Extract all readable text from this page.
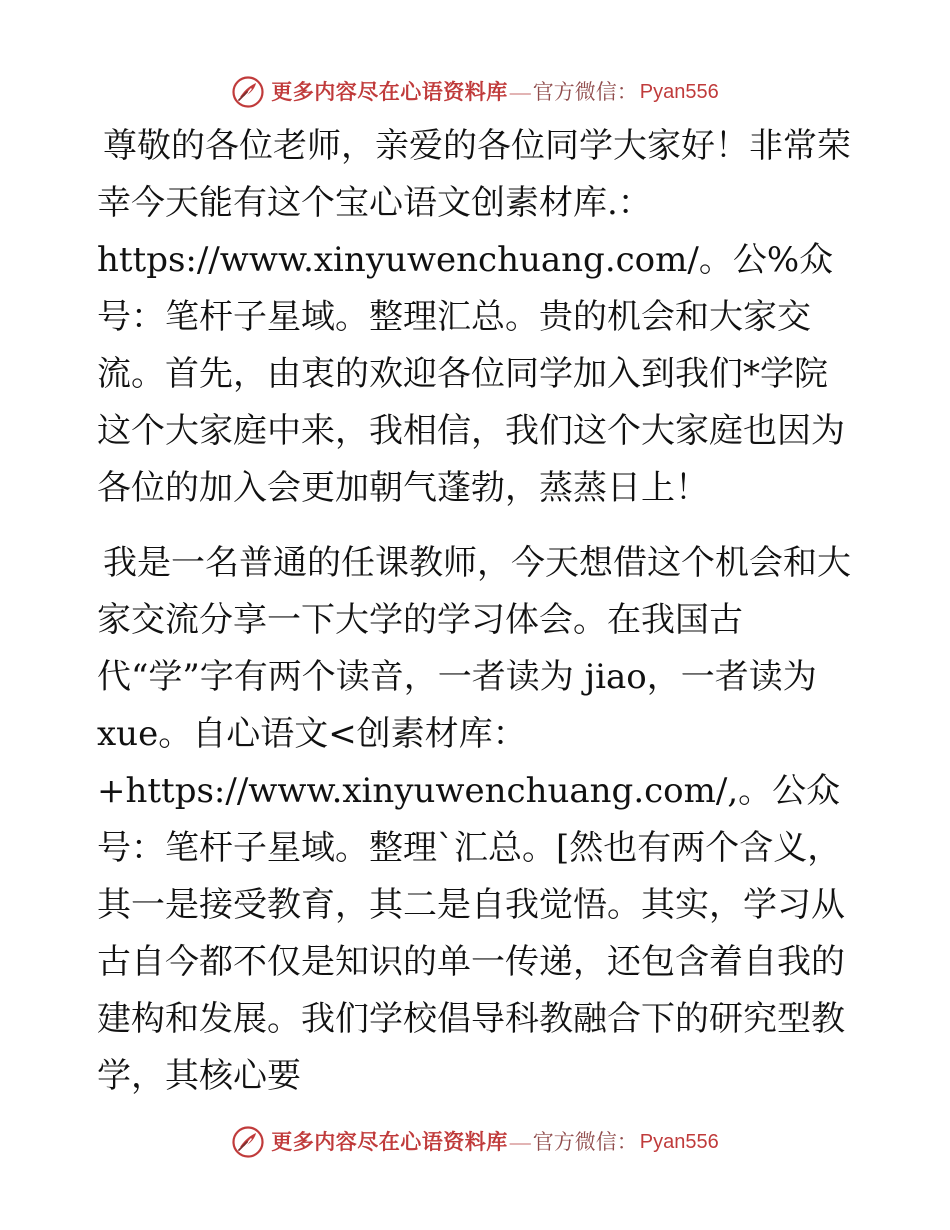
更多内容尽在心语资料库 — 官方微信： Pyan556

尊敬的各位老师，亲爱的各位同学大家好！非常荣幸今天能有这个宝心语文创素材库.：https://www.xinyuwenchuang.com/。公%众号：笔杆子星域。整理汇总。贵的机会和大家交流。首先，由衷的欢迎各位同学加入到我们*学院这个大家庭中来，我相信，我们这个大家庭也因为各位的加入会更加朝气蓬勃，蒸蒸日上！

我是一名普通的任课教师，今天想借这个机会和大家交流分享一下大学的学习体会。在我国古代“学”字有两个读音，一者读为 jiao，一者读为 xue。自心语文<创素材库：+https://www.xinyuwenchuang.com/,。公众号：笔杆子星域。整理`汇总。[然也有两个含义，其一是接受教育，其二是自我觉悟。其实，学习从古自今都不仅是知识的单一传递，还包含着自我的建构和发展。我们学校倡导科教融合下的研究型教学，其核心要

更多内容尽在心语资料库 — 官方微信： Pyan556
